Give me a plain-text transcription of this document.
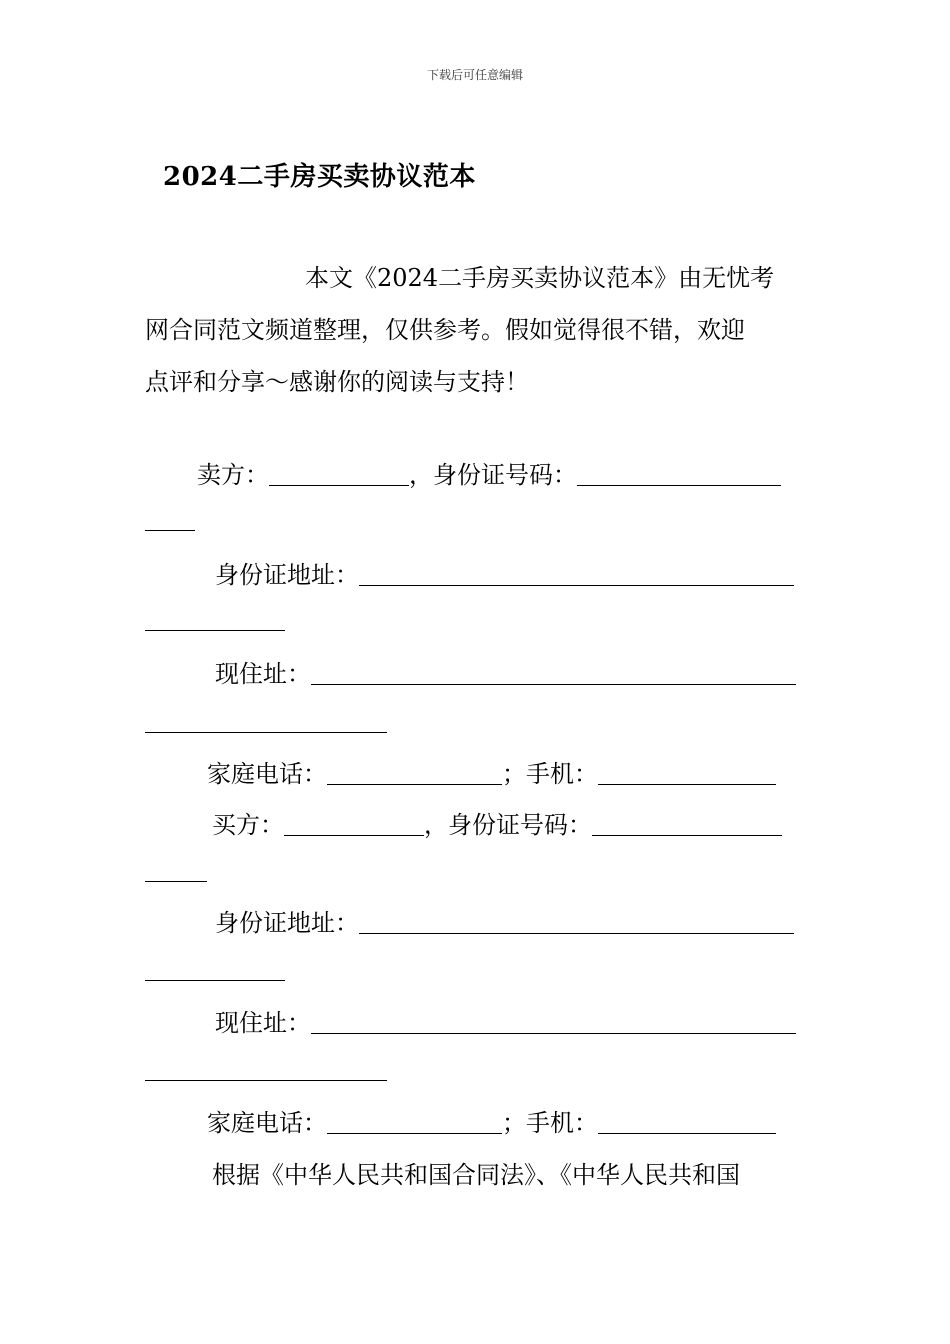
下载后可任意编辑
2024二手房买卖协议范本
本文《2024二手房买卖协议范本》由无忧考
网合同范文频道整理，仅供参考。假如觉得很不错，欢迎
点评和分享～感谢你的阅读与支持！
卖方：	，身份证号码：
身份证地址：
现住址：
家庭电话：	；手机：
买方：	，身份证号码：
身份证地址：
现住址：
家庭电话：	；手机：
根据《中华人民共和国合同法》、《中华人民共和国
